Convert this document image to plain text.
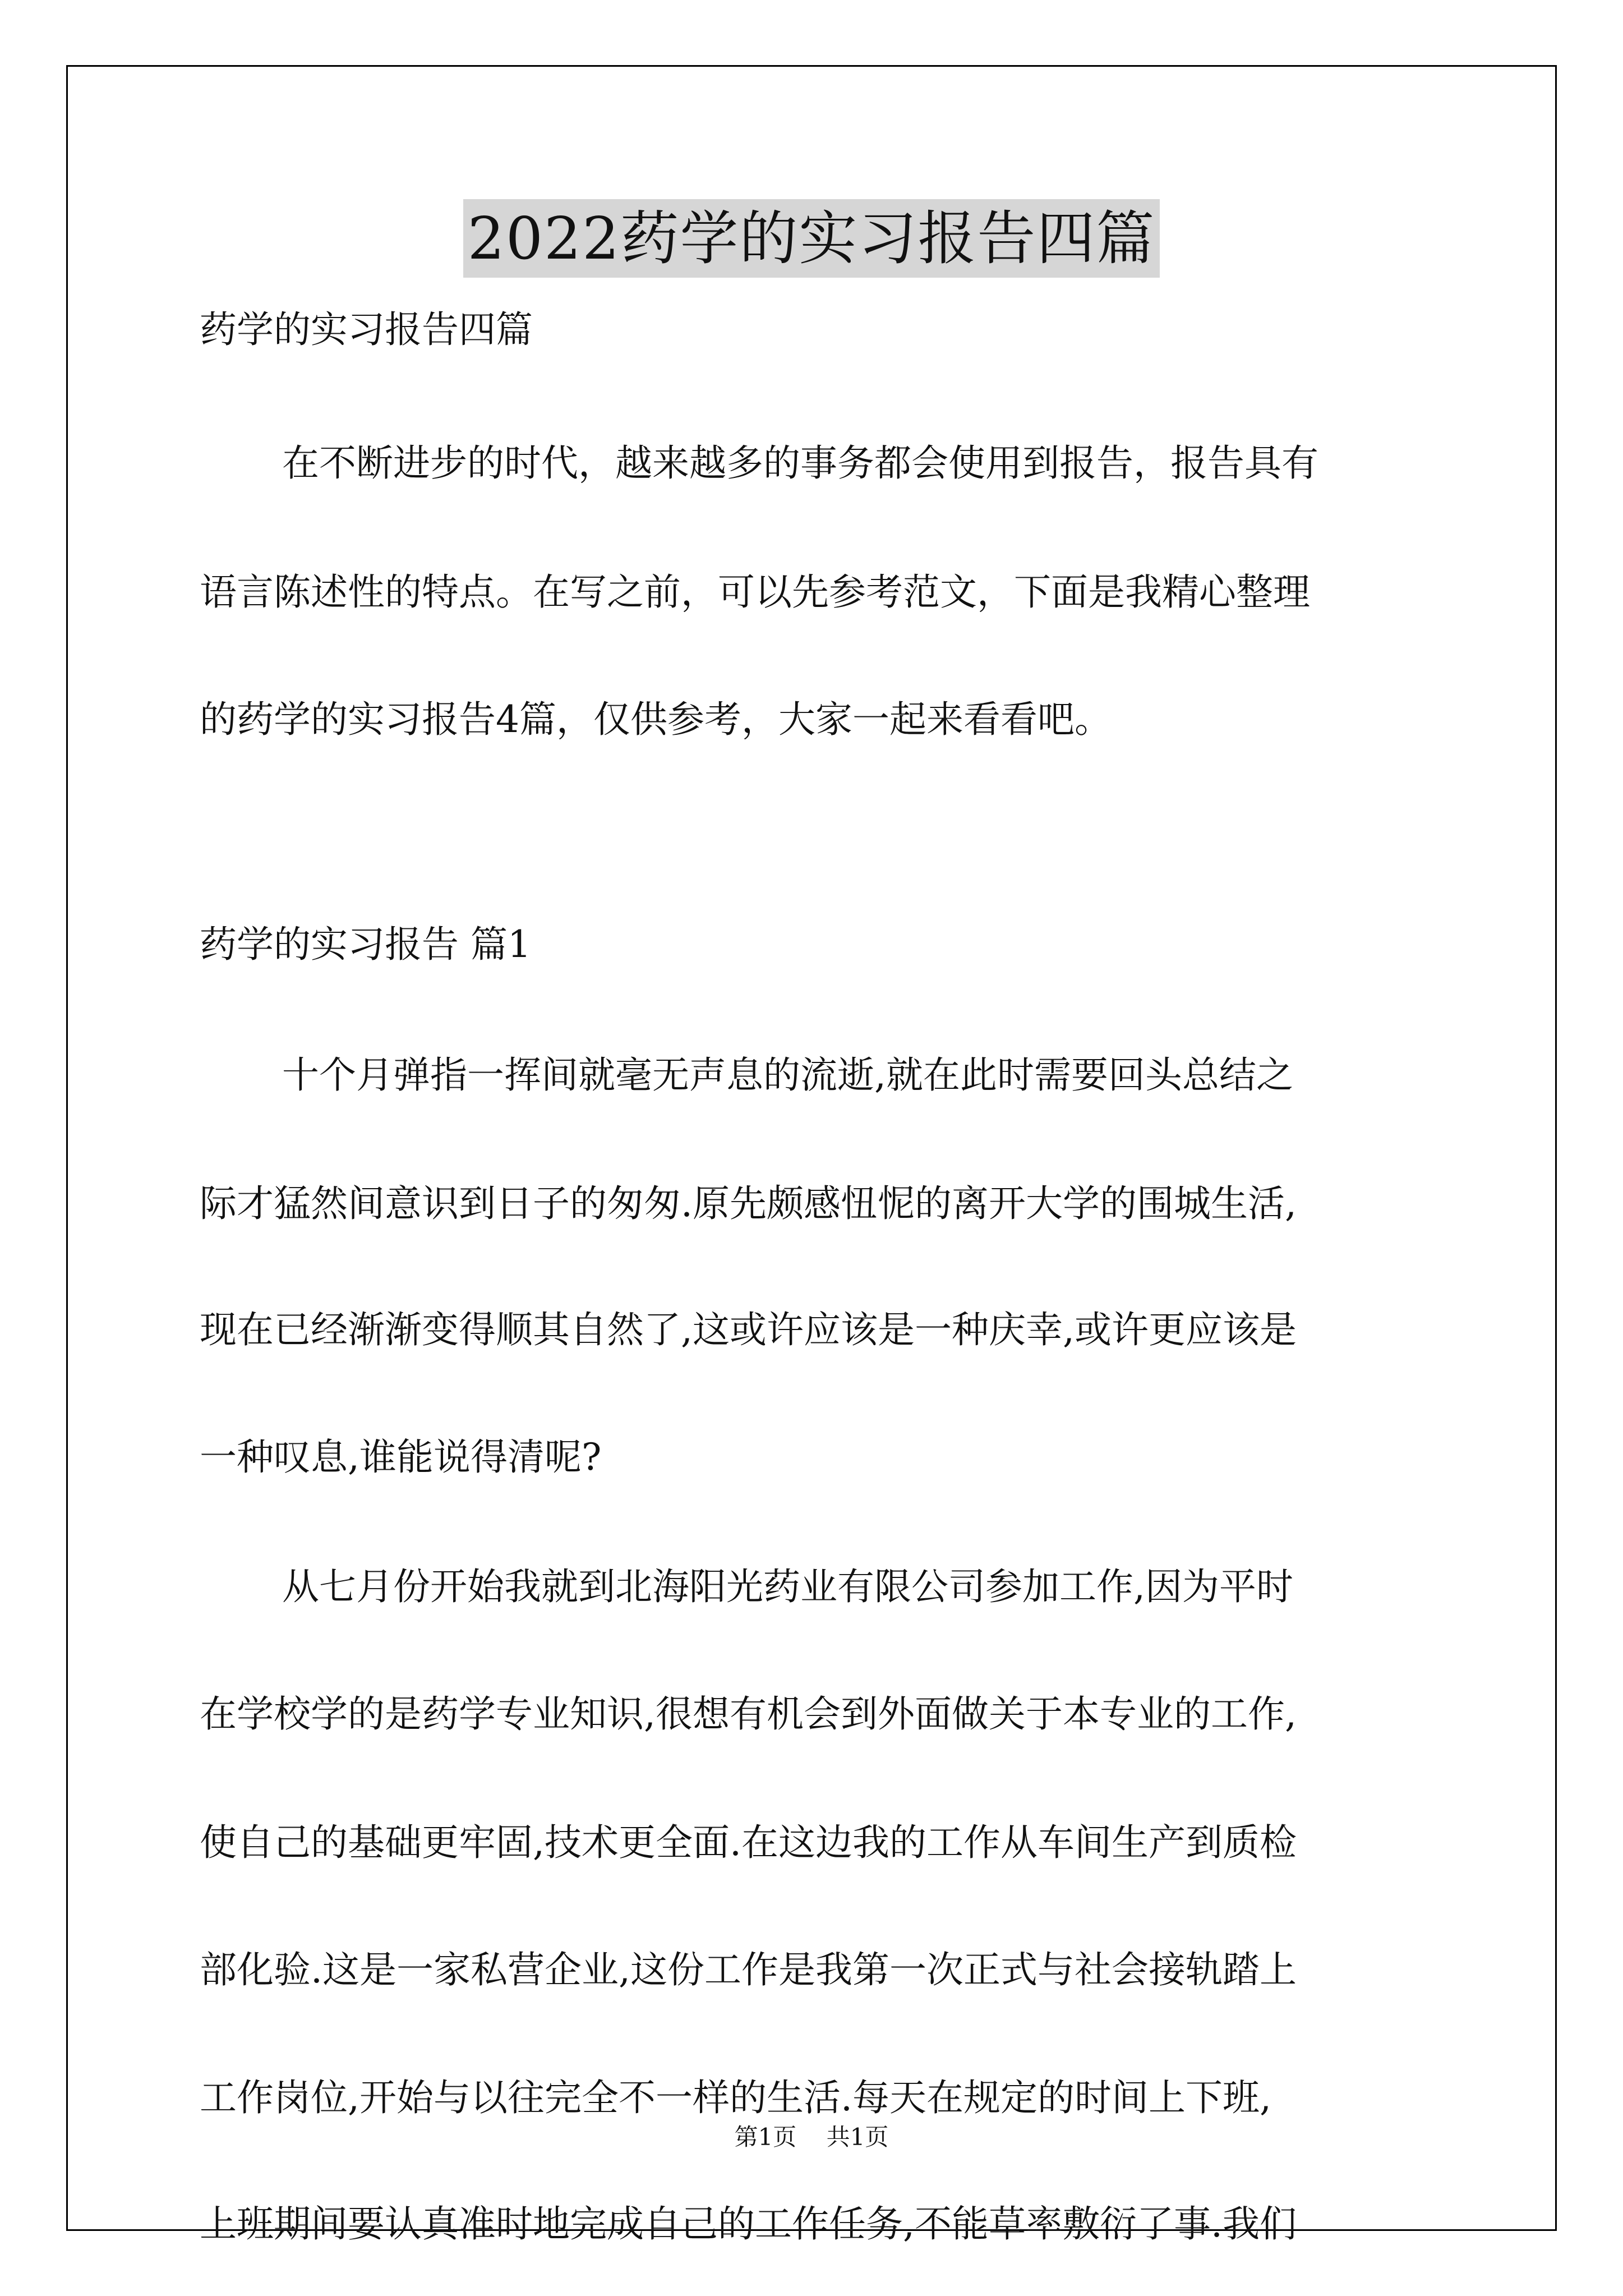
2022药学的实习报告四篇

药学的实习报告四篇

在不断进步的时代，越来越多的事务都会使用到报告，报告具有

语言陈述性的特点。在写之前，可以先参考范文，下面是我精心整理

的药学的实习报告4篇，仅供参考，大家一起来看看吧。

药学的实习报告 篇1

十个月弹指一挥间就毫无声息的流逝,就在此时需要回头总结之

际才猛然间意识到日子的匆匆.原先颇感忸怩的离开大学的围城生活,

现在已经渐渐变得顺其自然了,这或许应该是一种庆幸,或许更应该是

一种叹息,谁能说得清呢?

从七月份开始我就到北海阳光药业有限公司参加工作,因为平时

在学校学的是药学专业知识,很想有机会到外面做关于本专业的工作,

使自己的基础更牢固,技术更全面.在这边我的工作从车间生产到质检

部化验.这是一家私营企业,这份工作是我第一次正式与社会接轨踏上

工作岗位,开始与以往完全不一样的生活.每天在规定的时间上下班,

上班期间要认真准时地完成自己的工作任务,不能草率敷衍了事.我们

第1页 共1页
